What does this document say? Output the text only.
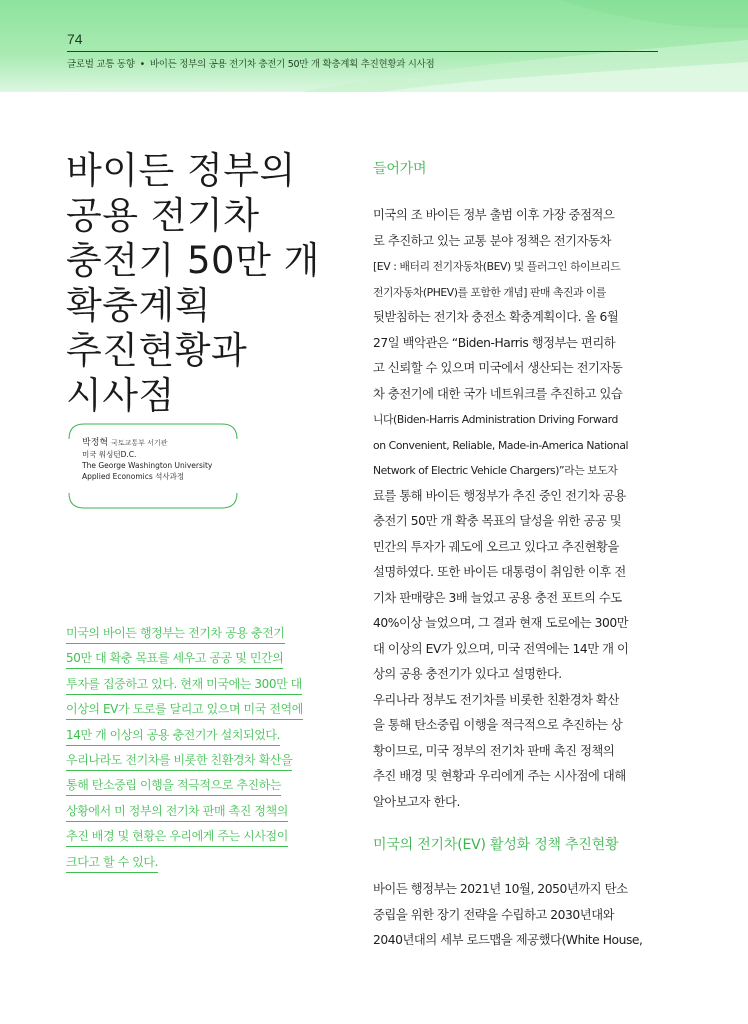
74
글로벌 교통 동향 • 바이든 정부의 공용 전기차 충전기 50만 개 확충계획 추진현황과 시사점
바이든 정부의
공용 전기차
충전기 50만 개
확충계획
추진현황과
시사점
박정혁 국토교통부 서기관
미국 워싱턴D.C.
The George Washington University
Applied Economics 석사과정
미국의 바이든 행정부는 전기차 공용 충전기
50만 대 확충 목표를 세우고 공공 및 민간의
투자를 집중하고 있다. 현재 미국에는 300만 대
이상의 EV가 도로를 달리고 있으며 미국 전역에
14만 개 이상의 공용 충전기가 설치되었다.
우리나라도 전기차를 비롯한 친환경차 확산을
통해 탄소중립 이행을 적극적으로 추진하는
상황에서 미 정부의 전기차 판매 촉진 정책의
추진 배경 및 현황은 우리에게 주는 시사점이
크다고 할 수 있다.
들어가며
미국의 조 바이든 정부 출범 이후 가장 중점적으
로 추진하고 있는 교통 분야 정책은 전기자동차
[EV : 배터리 전기자동차(BEV) 및 플러그인 하이브리드
전기자동차(PHEV)를 포함한 개념] 판매 촉진과 이를
뒷받침하는 전기차 충전소 확충계획이다. 올 6월
27일 백악관은 “Biden-Harris 행정부는 편리하
고 신뢰할 수 있으며 미국에서 생산되는 전기자동
차 충전기에 대한 국가 네트워크를 추진하고 있습
니다(Biden-Harris Administration Driving Forward
on Convenient, Reliable, Made-in-America National
Network of Electric Vehicle Chargers)”라는 보도자
료를 통해 바이든 행정부가 추진 중인 전기차 공용
충전기 50만 개 확충 목표의 달성을 위한 공공 및
민간의 투자가 궤도에 오르고 있다고 추진현황을
설명하였다. 또한 바이든 대통령이 취임한 이후 전
기차 판매량은 3배 늘었고 공용 충전 포트의 수도
40%이상 늘었으며, 그 결과 현재 도로에는 300만
대 이상의 EV가 있으며, 미국 전역에는 14만 개 이
상의 공용 충전기가 있다고 설명한다.
우리나라 정부도 전기차를 비롯한 친환경차 확산
을 통해 탄소중립 이행을 적극적으로 추진하는 상
황이므로, 미국 정부의 전기차 판매 촉진 정책의
추진 배경 및 현황과 우리에게 주는 시사점에 대해
알아보고자 한다.
미국의 전기차(EV) 활성화 정책 추진현황
바이든 행정부는 2021년 10월, 2050년까지 탄소
중립을 위한 장기 전략을 수립하고 2030년대와
2040년대의 세부 로드맵을 제공했다(White House,
